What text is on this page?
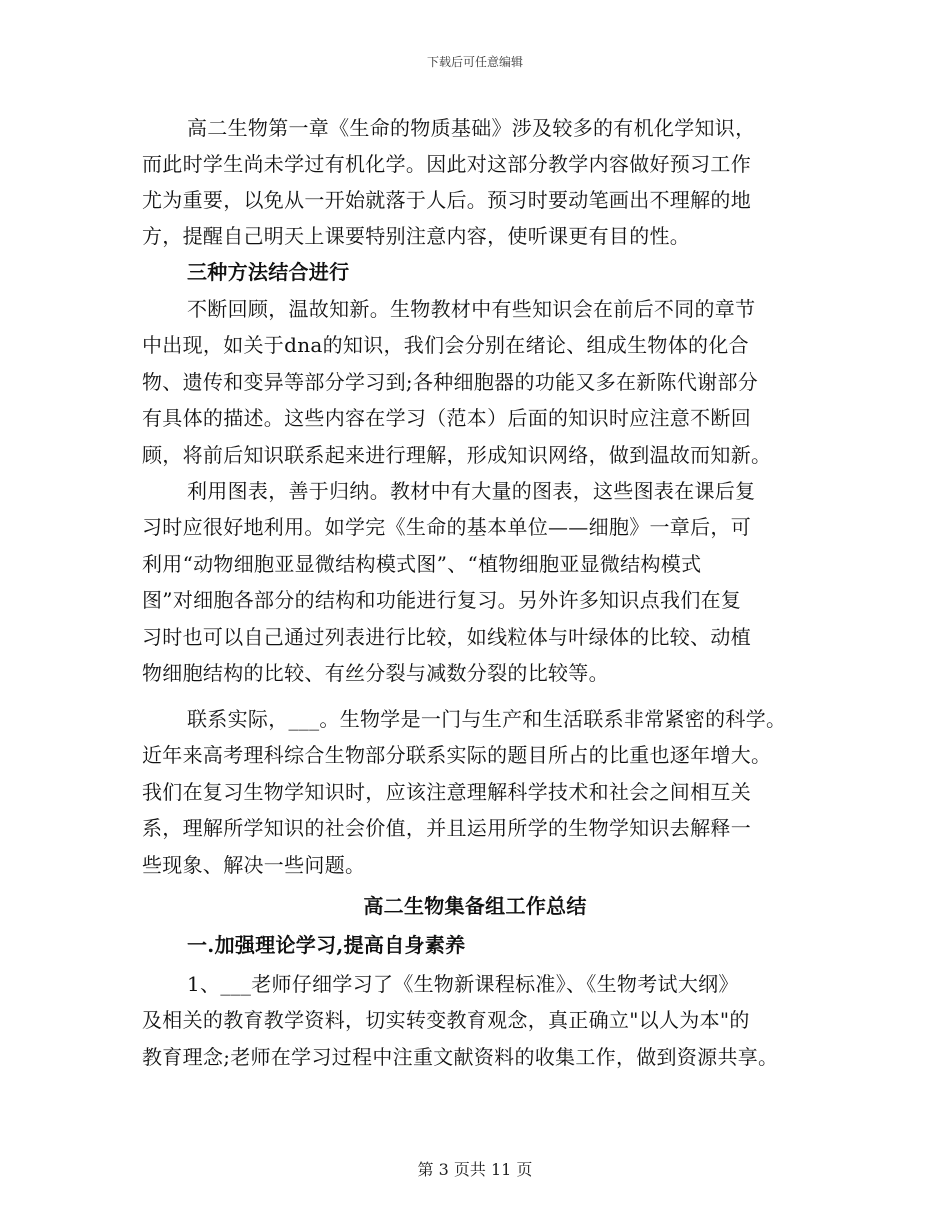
下载后可任意编辑
高二生物第一章《生命的物质基础》涉及较多的有机化学知识，
而此时学生尚未学过有机化学。因此对这部分教学内容做好预习工作
尤为重要，以免从一开始就落于人后。预习时要动笔画出不理解的地
方，提醒自己明天上课要特别注意内容，使听课更有目的性。
三种方法结合进行
不断回顾，温故知新。生物教材中有些知识会在前后不同的章节
中出现，如关于dna的知识，我们会分别在绪论、组成生物体的化合
物、遗传和变异等部分学习到;各种细胞器的功能又多在新陈代谢部分
有具体的描述。这些内容在学习（范本）后面的知识时应注意不断回
顾，将前后知识联系起来进行理解，形成知识网络，做到温故而知新。
利用图表，善于归纳。教材中有大量的图表，这些图表在课后复
习时应很好地利用。如学完《生命的基本单位——细胞》一章后，可
利用“动物细胞亚显微结构模式图”、“植物细胞亚显微结构模式
图”对细胞各部分的结构和功能进行复习。另外许多知识点我们在复
习时也可以自己通过列表进行比较，如线粒体与叶绿体的比较、动植
物细胞结构的比较、有丝分裂与减数分裂的比较等。
联系实际，___。生物学是一门与生产和生活联系非常紧密的科学。
近年来高考理科综合生物部分联系实际的题目所占的比重也逐年增大。
我们在复习生物学知识时，应该注意理解科学技术和社会之间相互关
系，理解所学知识的社会价值，并且运用所学的生物学知识去解释一
些现象、解决一些问题。
高二生物集备组工作总结
一.加强理论学习,提高自身素养
1、___老师仔细学习了《生物新课程标准》、《生物考试大纲》
及相关的教育教学资料，切实转变教育观念，真正确立"以人为本"的
教育理念;老师在学习过程中注重文献资料的收集工作，做到资源共享。
第 3 页共 11 页
